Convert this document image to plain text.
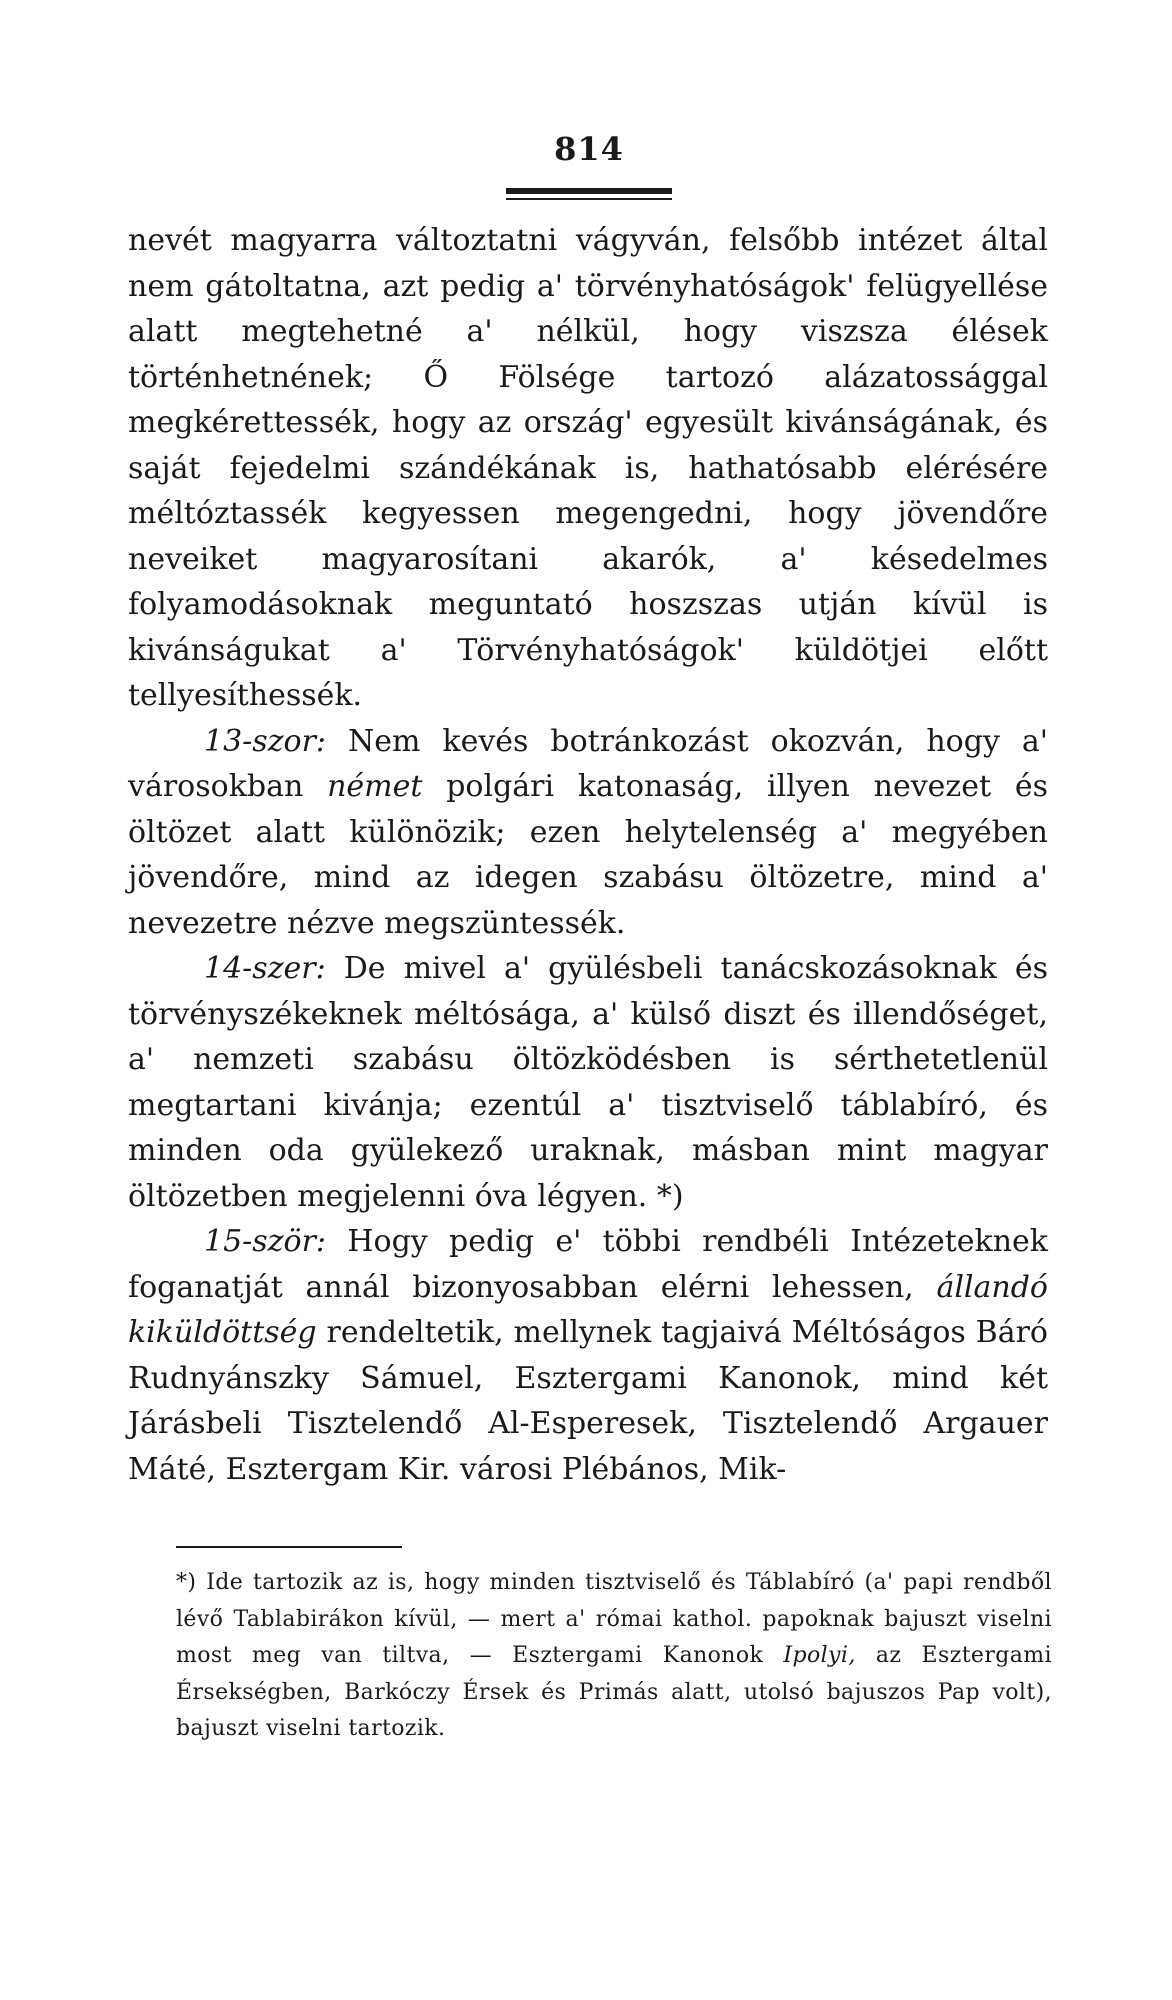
814

nevét magyarra változtatni vágyván, felsőbb intézet által nem gátoltatna, azt pedig a' törvényhatóságok' felügyellése alatt megtehetné a' nélkül, hogy viszsza élések történhetnének; Ő Fölsége tartozó alázatossággal megkérettessék, hogy az ország' egyesült kivánságának, és saját fejedelmi szándékának is, hathatósabb elérésére méltóztassék kegyessen megengedni, hogy jövendőre neveiket magyarosítani akarók, a' késedelmes folyamodásoknak meguntató hoszszas utján kívül is kivánságukat a' Törvényhatóságok' küldötjei előtt tellyesíthessék.

13-szor: Nem kevés botránkozást okozván, hogy a' városokban német polgári katonaság, illyen nevezet és öltözet alatt különözik; ezen helytelenség a' megyében jövendőre, mind az idegen szabásu öltözetre, mind a' nevezetre nézve megszüntessék.

14-szer: De mivel a' gyülésbeli tanácskozásoknak és törvényszékeknek méltósága, a' külső diszt és illendőséget, a' nemzeti szabásu öltözködésben is sérthetetlenül megtartani kivánja; ezentúl a' tisztviselő táblabíró, és minden oda gyülekező uraknak, másban mint magyar öltözetben megjelenni óva légyen. *)

15-ször: Hogy pedig e' többi rendbéli Intézeteknek foganatját annál bizonyosabban elérni lehessen, állandó kiküldöttség rendeltetik, mellynek tagjaivá Méltóságos Báró Rudnyánszky Sámuel, Esztergami Kanonok, mind két Járásbeli Tisztelendő Al-Esperesek, Tisztelendő Argauer Máté, Esztergam Kir. városi Plébános, Mik-

*) Ide tartozik az is, hogy minden tisztviselő és Táblabíró (a' papi rendből lévő Tablabirákon kívül, — mert a' római kathol. papoknak bajuszt viselni most meg van tiltva, — Esztergami Kanonok Ipolyi, az Esztergami Érsekségben, Barkóczy Érsek és Primás alatt, utolsó bajuszos Pap volt), bajuszt viselni tartozik.
